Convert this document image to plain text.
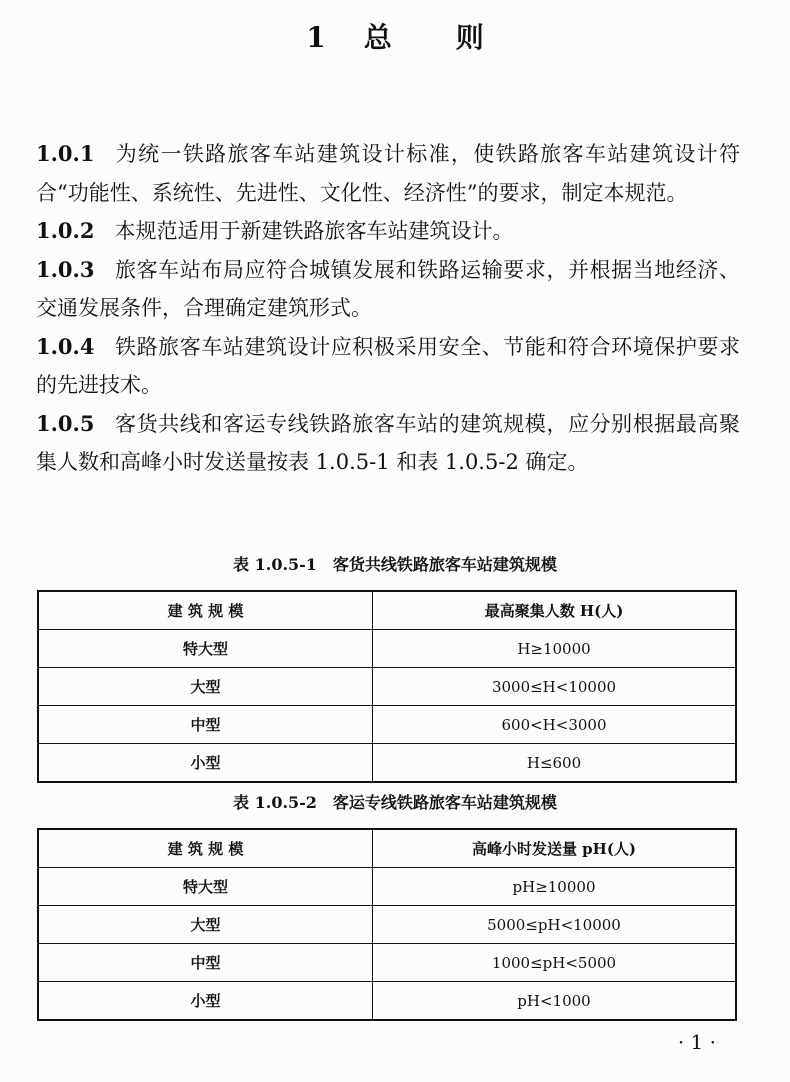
1 总 则

1.0.1 为统一铁路旅客车站建筑设计标准，使铁路旅客车站建筑设计符合“功能性、系统性、先进性、文化性、经济性”的要求，制定本规范。

1.0.2 本规范适用于新建铁路旅客车站建筑设计。

1.0.3 旅客车站布局应符合城镇发展和铁路运输要求，并根据当地经济、交通发展条件，合理确定建筑形式。

1.0.4 铁路旅客车站建筑设计应积极采用安全、节能和符合环境保护要求的先进技术。

1.0.5 客货共线和客运专线铁路旅客车站的建筑规模，应分别根据最高聚集人数和高峰小时发送量按表 1.0.5-1 和表 1.0.5-2 确定。

表 1.0.5-1　客货共线铁路旅客车站建筑规模
建 筑 规 模	最高聚集人数 H(人)
特大型	H≥10000
大型	3000≤H<10000
中型	600<H<3000
小型	H≤600
表 1.0.5-2　客运专线铁路旅客车站建筑规模
建 筑 规 模	高峰小时发送量 pH(人)
特大型	pH≥10000
大型	5000≤pH<10000
中型	1000≤pH<5000
小型	pH<1000
· 1 ·
